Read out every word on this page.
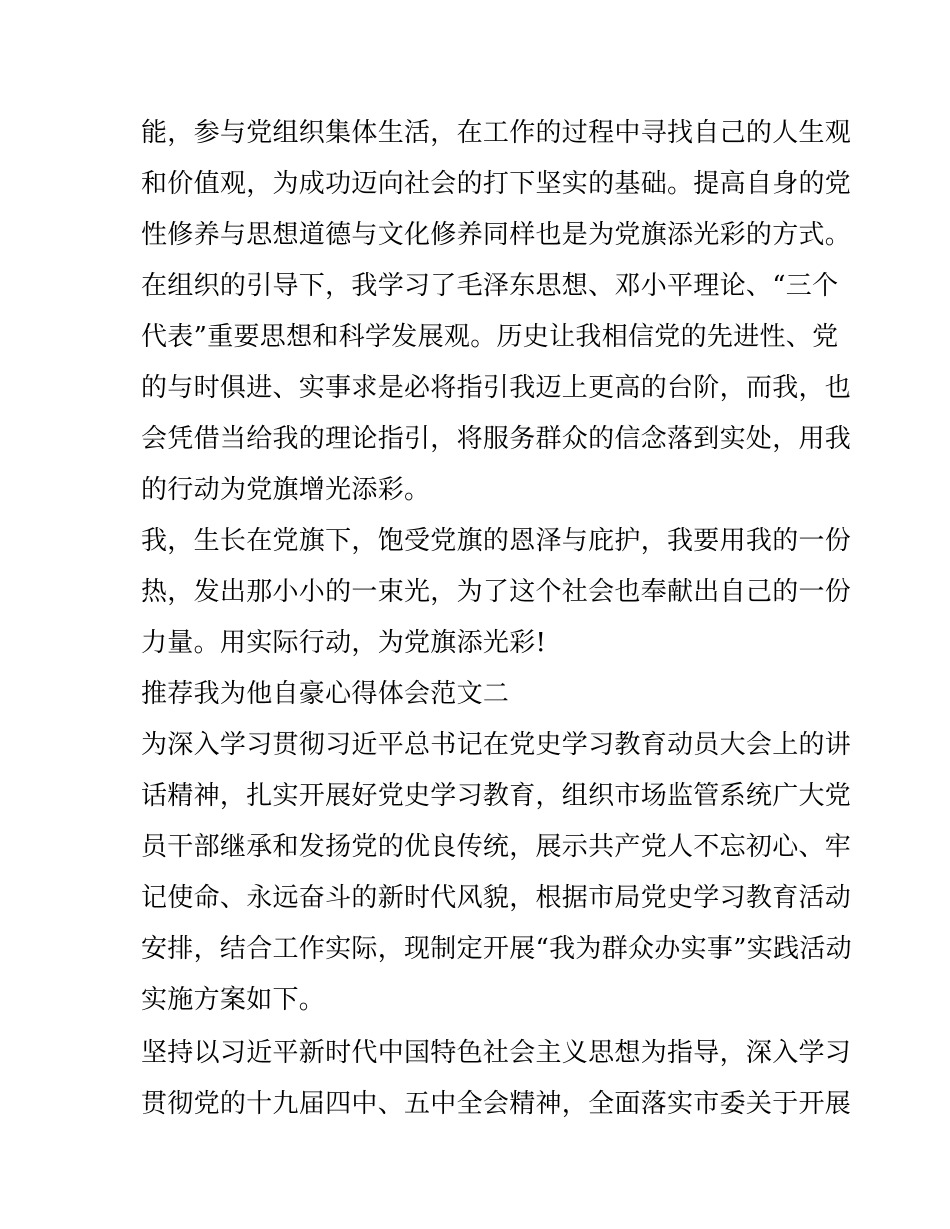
能，参与党组织集体生活，在工作的过程中寻找自己的人生观
和价值观，为成功迈向社会的打下坚实的基础。提高自身的党
性修养与思想道德与文化修养同样也是为党旗添光彩的方式。
在组织的引导下，我学习了毛泽东思想、邓小平理论、“三个
代表”重要思想和科学发展观。历史让我相信党的先进性、党
的与时俱进、实事求是必将指引我迈上更高的台阶，而我，也
会凭借当给我的理论指引，将服务群众的信念落到实处，用我
的行动为党旗增光添彩。
我，生长在党旗下，饱受党旗的恩泽与庇护，我要用我的一份
热，发出那小小的一束光，为了这个社会也奉献出自己的一份
力量。用实际行动，为党旗添光彩!
推荐我为他自豪心得体会范文二
为深入学习贯彻习近平总书记在党史学习教育动员大会上的讲
话精神，扎实开展好党史学习教育，组织市场监管系统广大党
员干部继承和发扬党的优良传统，展示共产党人不忘初心、牢
记使命、永远奋斗的新时代风貌，根据市局党史学习教育活动
安排，结合工作实际，现制定开展“我为群众办实事”实践活动
实施方案如下。
坚持以习近平新时代中国特色社会主义思想为指导，深入学习
贯彻党的十九届四中、五中全会精神，全面落实市委关于开展
